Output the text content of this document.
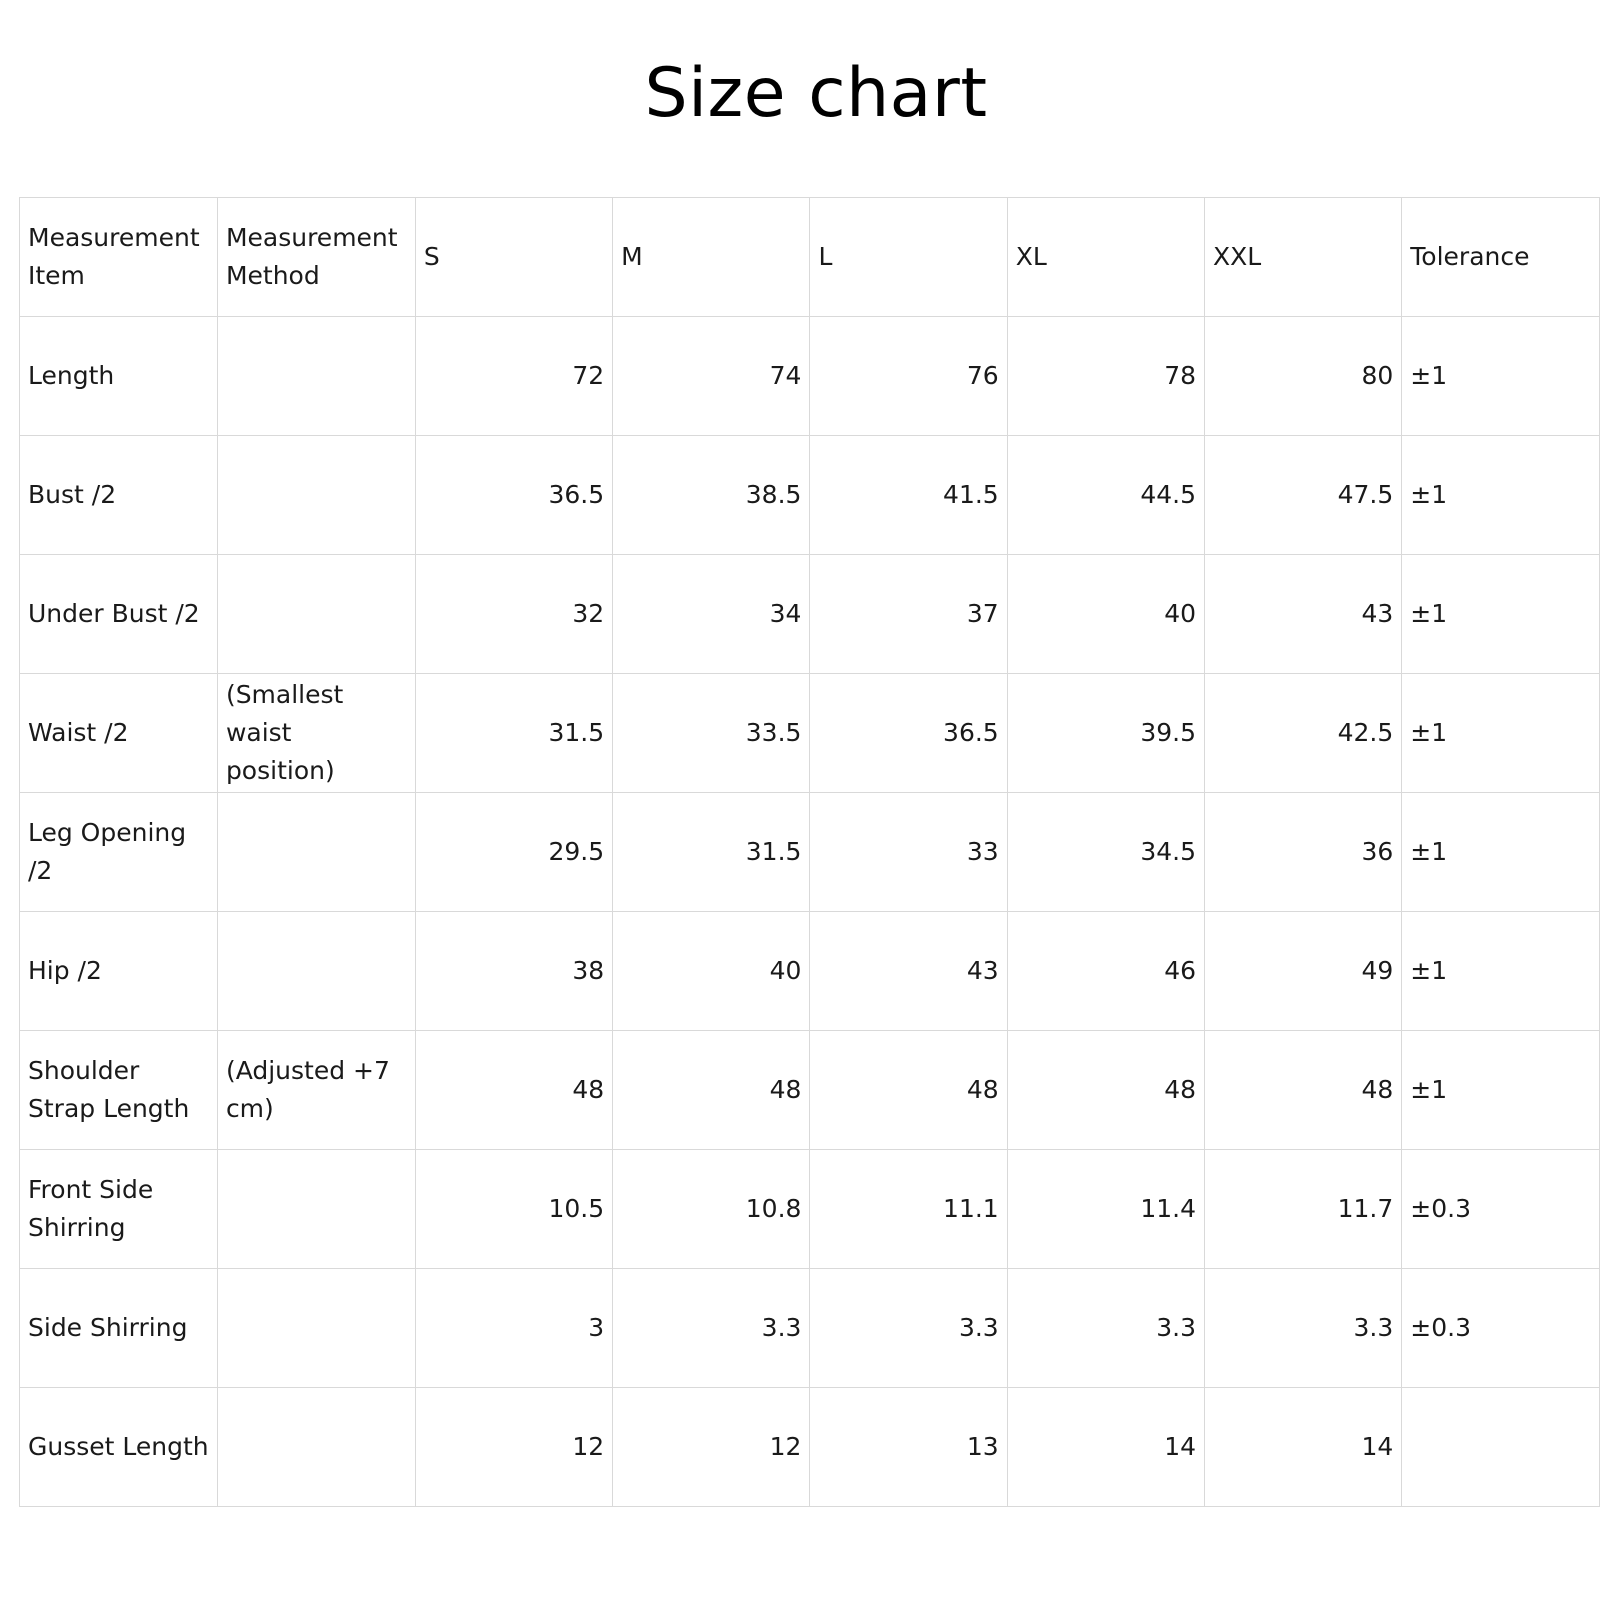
Size chart
Measurement Item	Measurement Method	S	M	L	XL	XXL	Tolerance
Length		72	74	76	78	80	±1
Bust /2		36.5	38.5	41.5	44.5	47.5	±1
Under Bust /2		32	34	37	40	43	±1
Waist /2	(Smallest waist position)	31.5	33.5	36.5	39.5	42.5	±1
Leg Opening /2		29.5	31.5	33	34.5	36	±1
Hip /2		38	40	43	46	49	±1
Shoulder Strap Length	(Adjusted +7 cm)	48	48	48	48	48	±1
Front Side Shirring		10.5	10.8	11.1	11.4	11.7	±0.3
Side Shirring		3	3.3	3.3	3.3	3.3	±0.3
Gusset Length		12	12	13	14	14	
